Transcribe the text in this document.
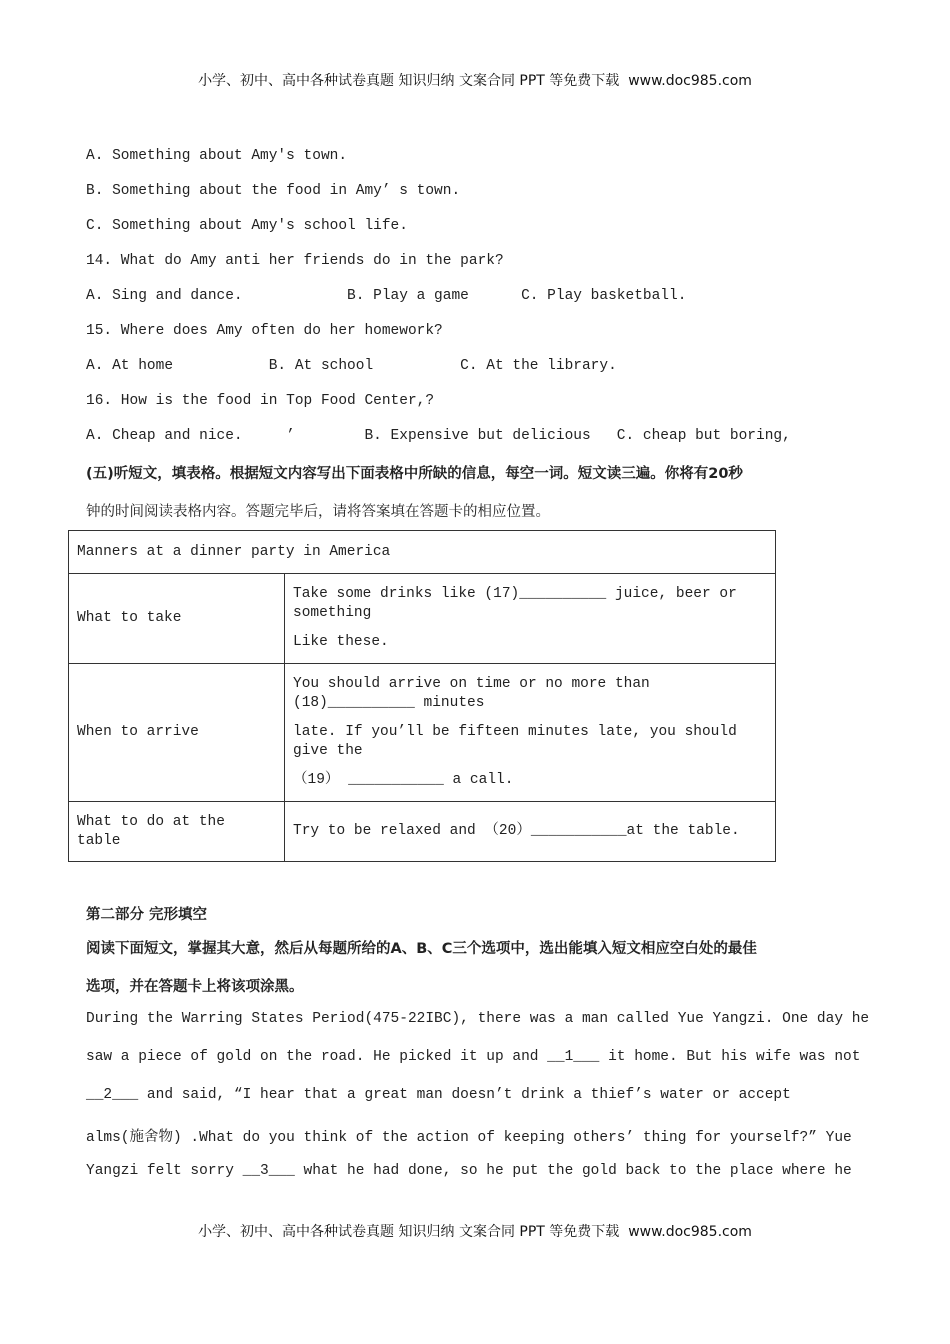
小学、初中、高中各种试卷真题 知识归纳 文案合同 PPT 等免费下载  www.doc985.com
A. Something about Amy's town.
B. Something about the food in Amy’ s town.
C. Something about Amy's school life.
14. What do Amy anti her friends do in the park?
A. Sing and dance.            B. Play a game      C. Play basketball.
15. Where does Amy often do her homework?
A. At home           B. At school          C. At the library.
16. How is the food in Top Food Center,?
A. Cheap and nice.     ’        B. Expensive but delicious   C. cheap but boring,
(五)听短文，填表格。根据短文内容写出下面表格中所缺的信息，每空一词。短文读三遍。你将有20秒
钟的时间阅读表格内容。答题完毕后，请将答案填在答题卡的相应位置。
Manners at a dinner party in America	
What to take	Take some drinks like (17)__________ juice, beer or something

Like these.

When to arrive	You should arrive on time or no more than (18)__________ minutes

late. If you’ll be fifteen minutes late, you should give the

（19） ___________ a call.

What to do at the table	Try to be relaxed and （20）___________at the table.
第二部分 完形填空
阅读下面短文，掌握其大意，然后从每题所给的A、B、C三个选项中，选出能填入短文相应空白处的最佳
选项，并在答题卡上将该项涂黑。
During the Warring States Period(475-22IBC), there was a man called Yue Yangzi. One day he
saw a piece of gold on the road. He picked it up and __1___ it home. But his wife was not
__2___ and said, “I hear that a great man doesn’t drink a thief’s water or accept
alms(施舍物) .What do you think of the action of keeping others’ thing for yourself?” Yue
Yangzi felt sorry __3___ what he had done, so he put the gold back to the place where he
小学、初中、高中各种试卷真题 知识归纳 文案合同 PPT 等免费下载  www.doc985.com
